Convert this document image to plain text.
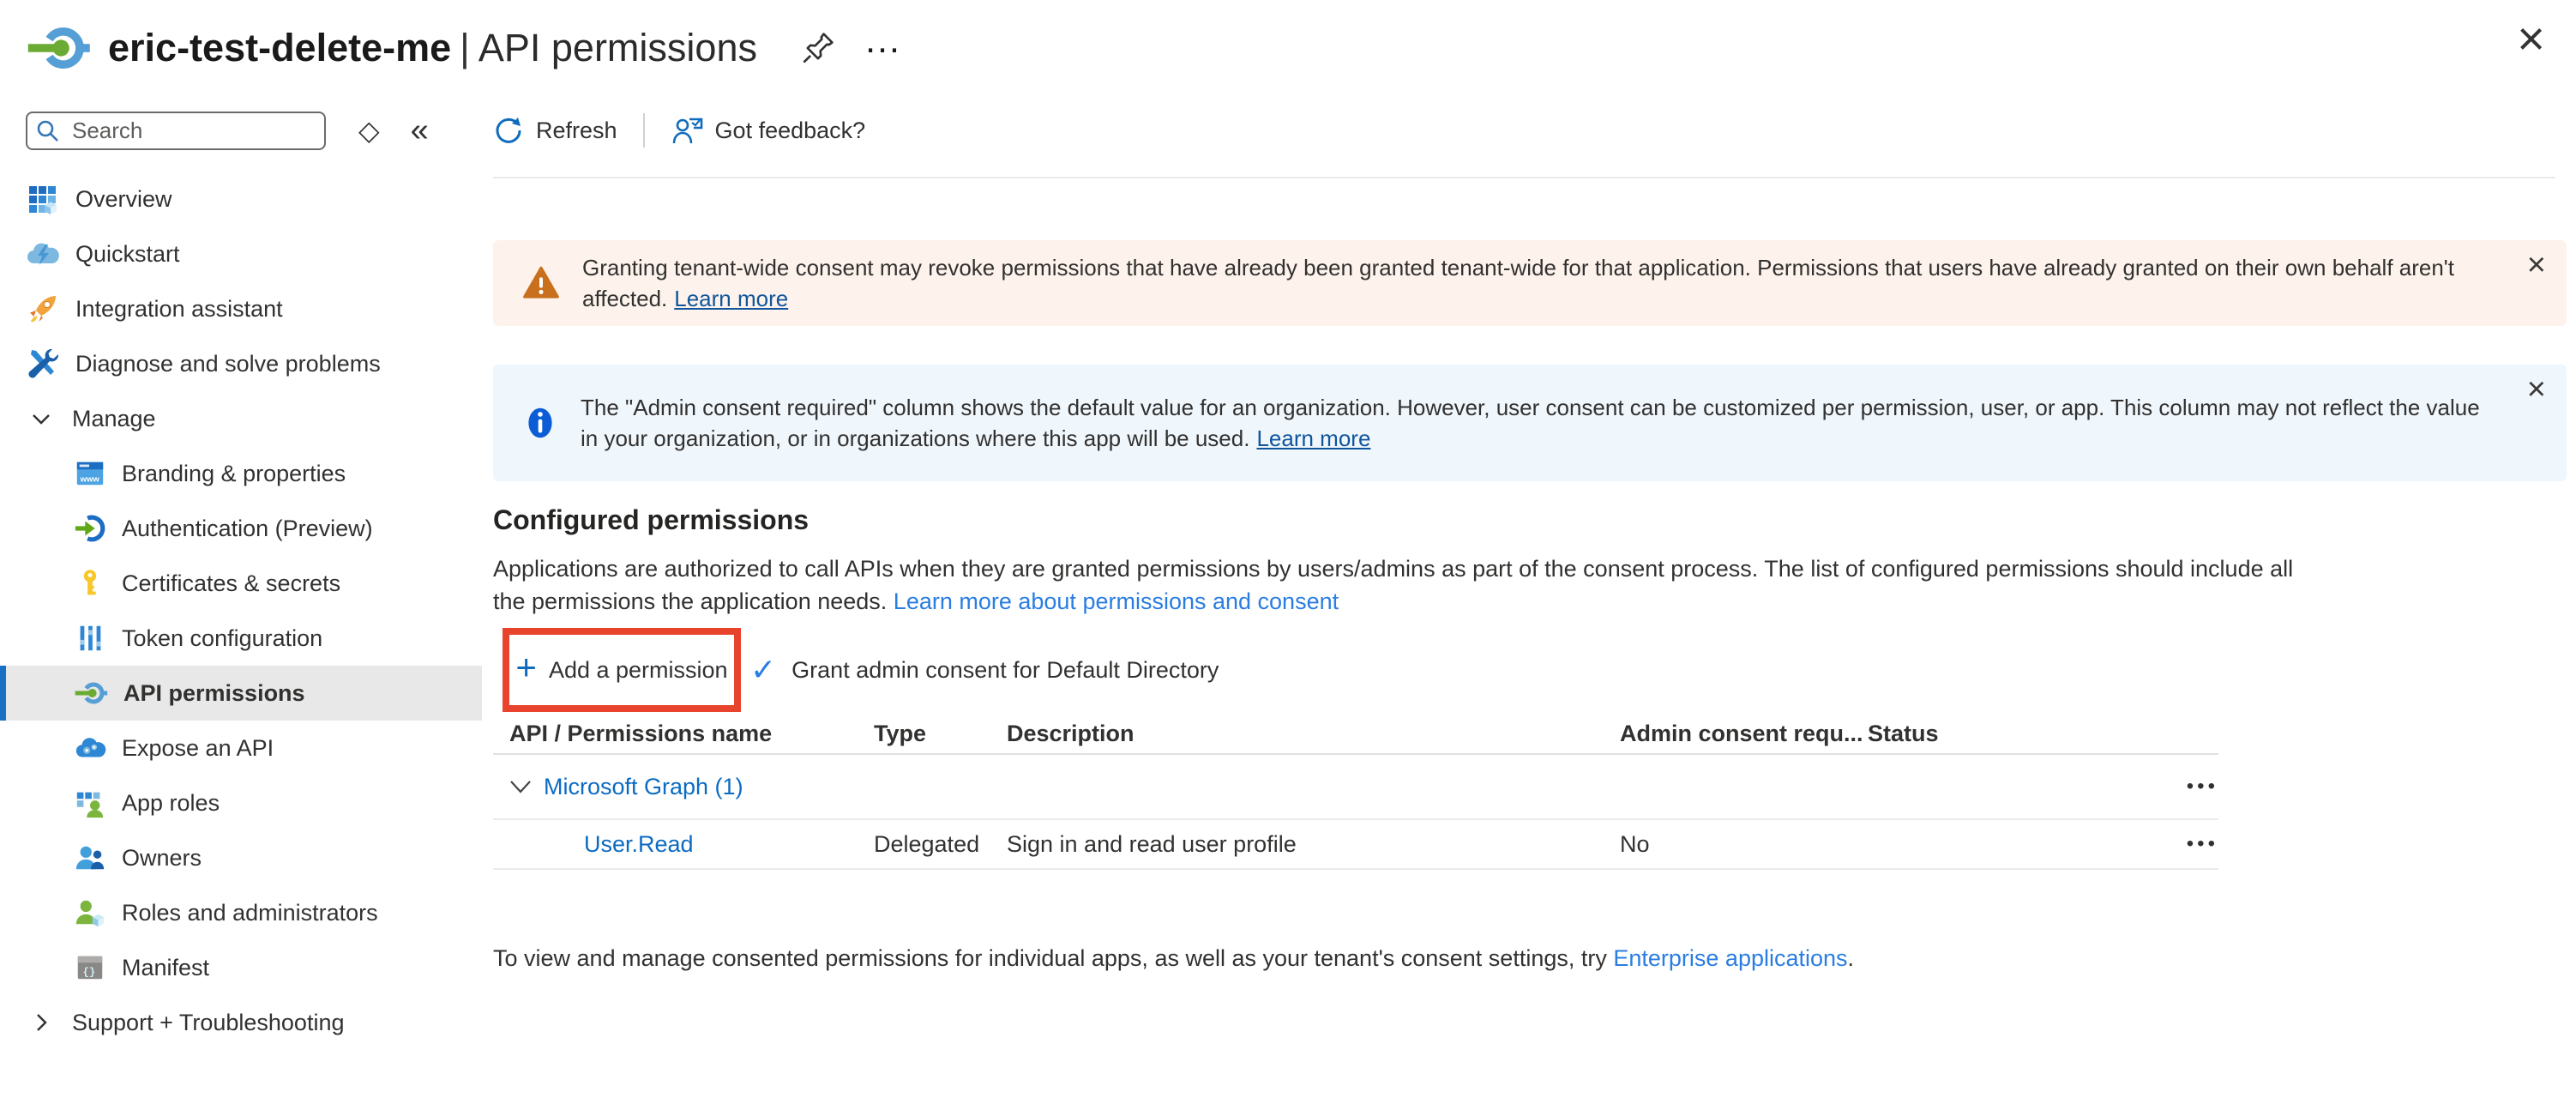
eric-test-delete-me | API permissions	…	×
Search
◇ «
Overview
Quickstart
Integration assistant
Diagnose and solve problems
Manage
www Branding & properties
Authentication (Preview)
Certificates & secrets
Token configuration
API permissions
Expose an API
App roles
Owners
Roles and administrators
{} Manifest
Support + Troubleshooting
Refresh	Got feedback?
Granting tenant-wide consent may revoke permissions that have already been granted tenant-wide for that application. Permissions that users have already granted on their own behalf aren't affected. Learn more
×
The "Admin consent required" column shows the default value for an organization. However, user consent can be customized per permission, user, or app. This column may not reflect the value in your organization, or in organizations where this app will be used. Learn more
×
Configured permissions
Applications are authorized to call APIs when they are granted permissions by users/admins as part of the consent process. The list of configured permissions should include all the permissions the application needs. Learn more about permissions and consent
+ Add a permission ✓ Grant admin consent for Default Directory
API / Permissions name	Type	Description	Admin consent requ... Status
Microsoft Graph (1)	•••
User.Read	Delegated	Sign in and read user profile	No	•••
To view and manage consented permissions for individual apps, as well as your tenant's consent settings, try Enterprise applications.
